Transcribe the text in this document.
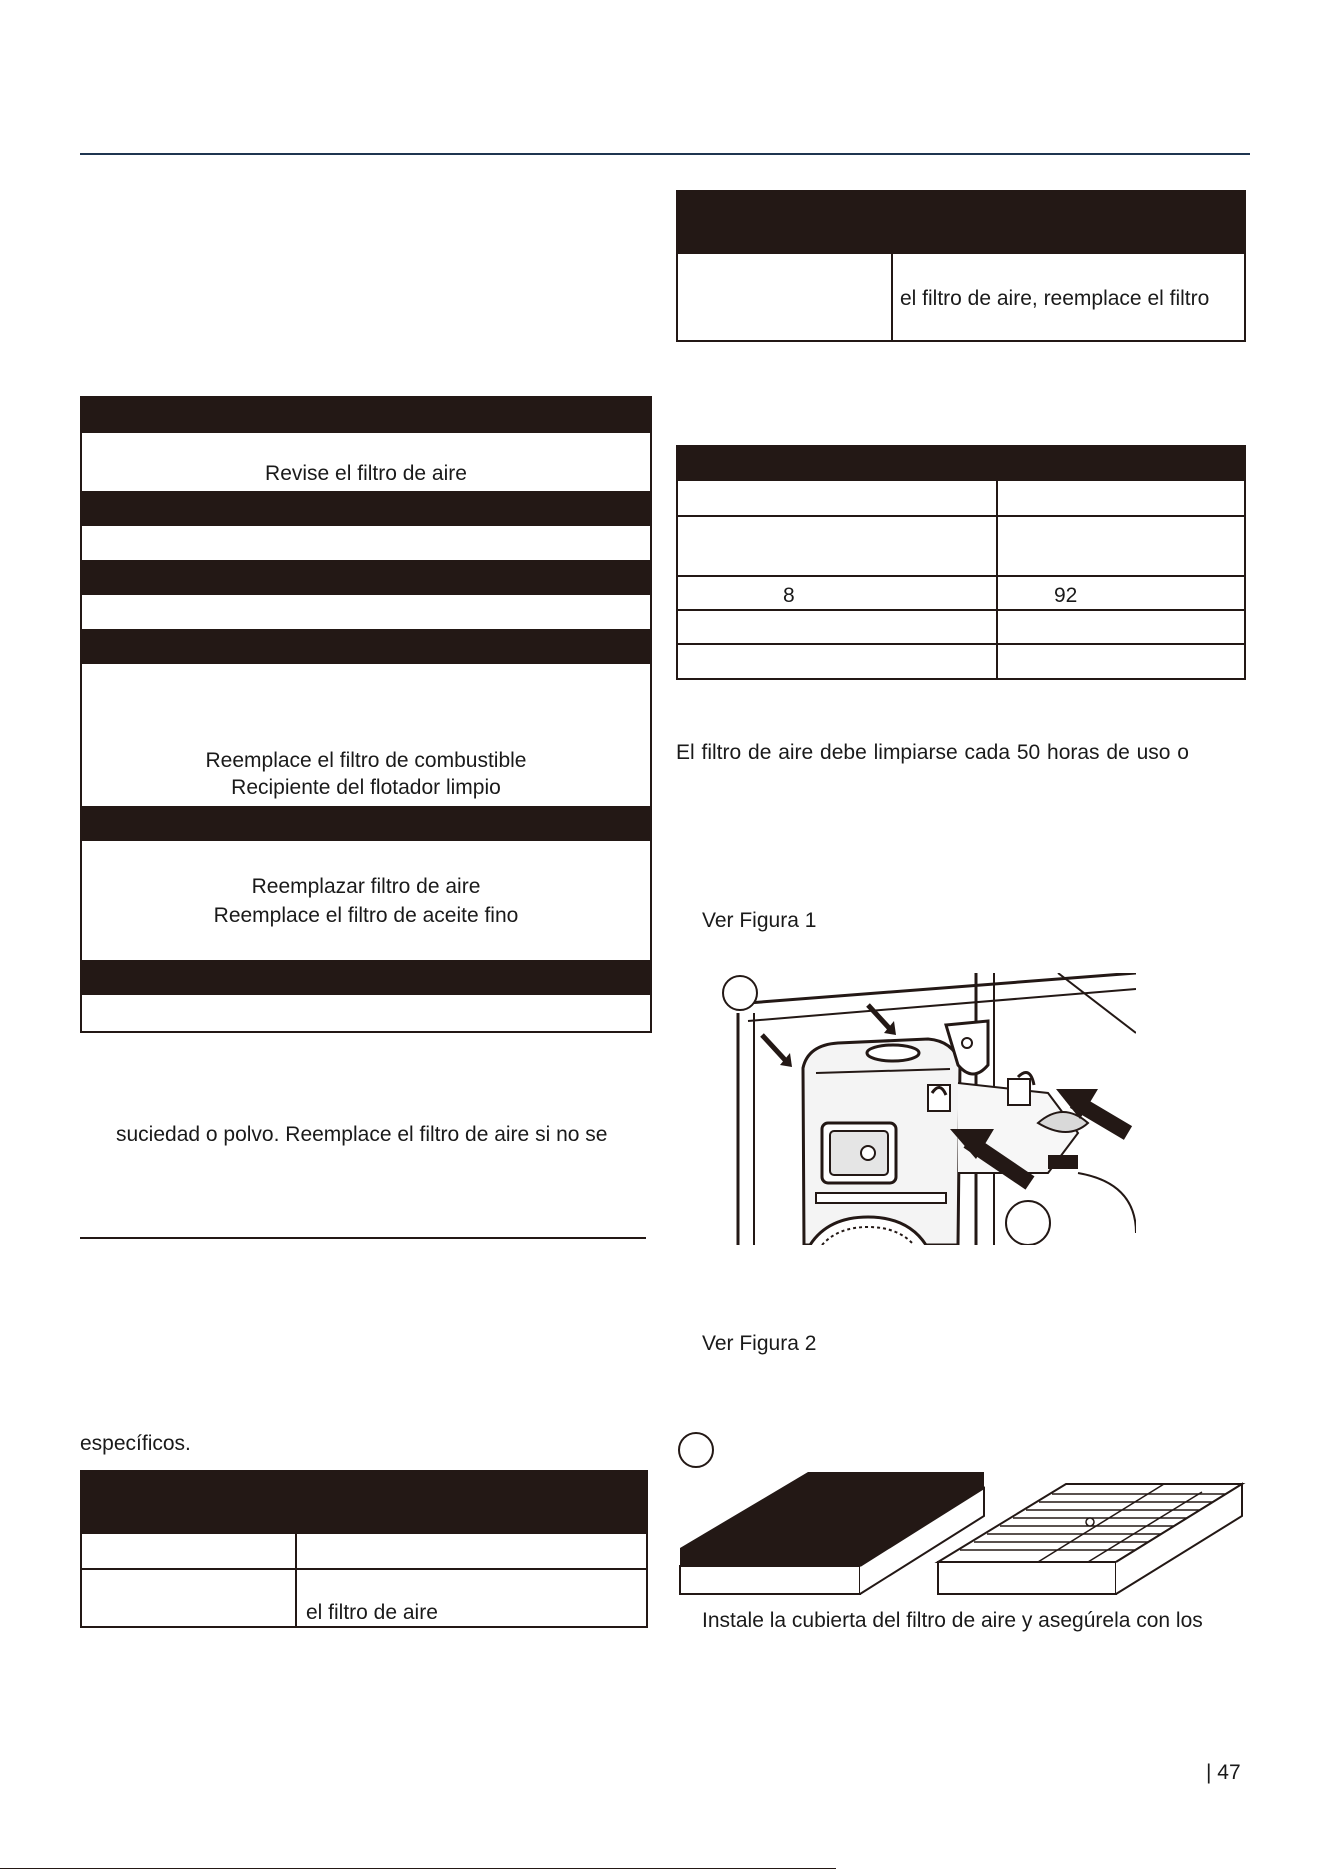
Revise el filtro de aire
Reemplace el filtro de combustible
Recipiente del flotador limpio
Reemplazar filtro de aire
Reemplace el filtro de aceite fino
suciedad o polvo. Reemplace el filtro de aire si no se
específicos.
el filtro de aire
el filtro de aire, reemplace el filtro
8	92
El filtro de aire debe limpiarse cada 50 horas de uso o
Ver Figura 1
Ver Figura 2
Instale la cubierta del filtro de aire y asegúrela con los
| 47
